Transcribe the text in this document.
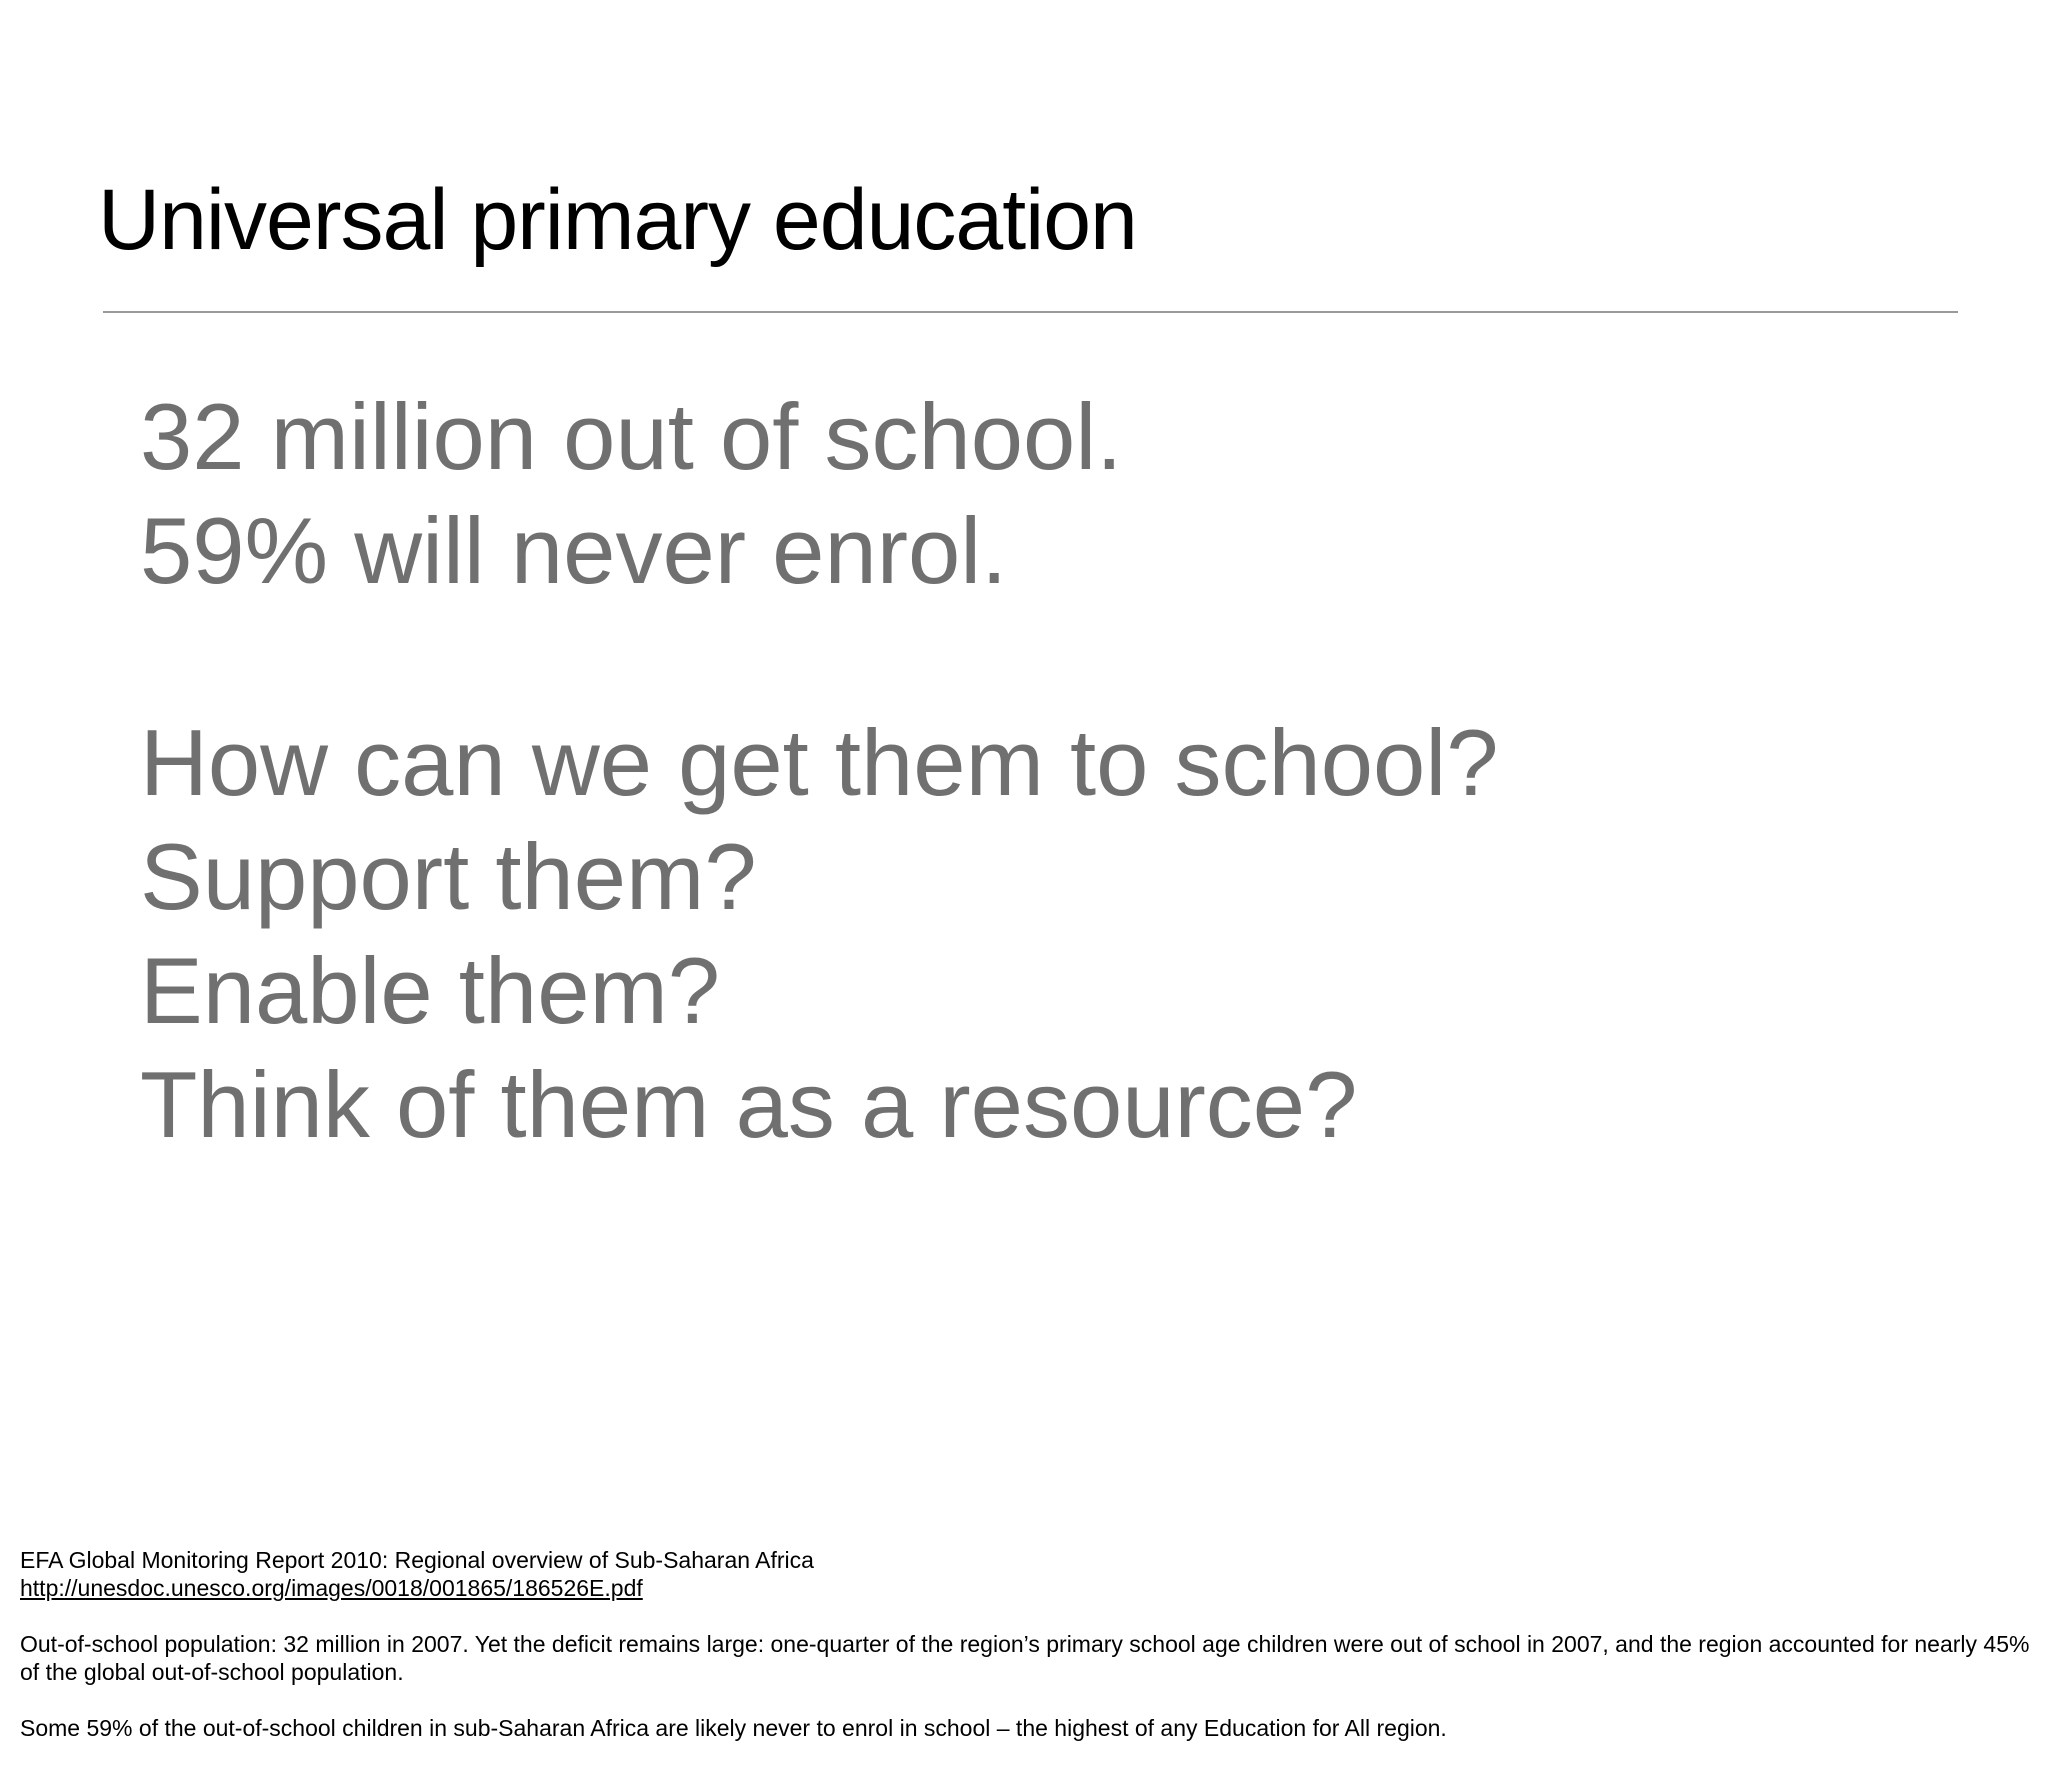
Universal primary education
32 million out of school.
59% will never enrol.
How can we get them to school?
Support them?
Enable them?
Think of them as a resource?

EFA Global Monitoring Report 2010: Regional overview of Sub-Saharan Africa

http://unesdoc.unesco.org/images/0018/001865/186526E.pdf

Out-of-school population: 32 million in 2007. Yet the deficit remains large: one-quarter of the region’s primary school age children were out of school in 2007, and the region accounted for nearly 45% of the global out-of-school population.

Some 59% of the out-of-school children in sub-Saharan Africa are likely never to enrol in school – the highest of any Education for All region.
